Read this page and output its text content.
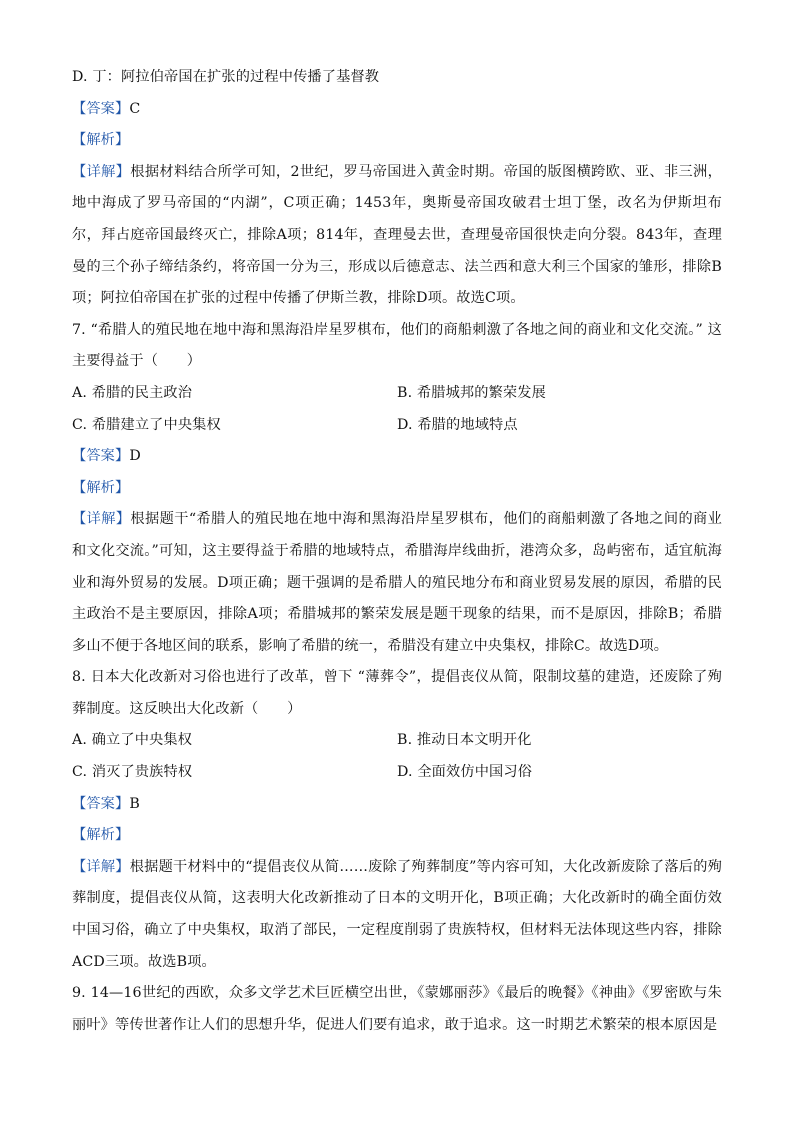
D. 丁：阿拉伯帝国在扩张的过程中传播了基督教

【答案】C

【解析】

【详解】根据材料结合所学可知，2世纪，罗马帝国进入黄金时期。帝国的版图横跨欧、亚、非三洲，地中海成了罗马帝国的“内湖”，C项正确；1453年，奥斯曼帝国攻破君士坦丁堡，改名为伊斯坦布尔，拜占庭帝国最终灭亡，排除A项；814年，查理曼去世，查理曼帝国很快走向分裂。843年，查理曼的三个孙子缔结条约，将帝国一分为三，形成以后德意志、法兰西和意大利三个国家的雏形，排除B项；阿拉伯帝国在扩张的过程中传播了伊斯兰教，排除D项。故选C项。

7. “希腊人的殖民地在地中海和黑海沿岸星罗棋布，他们的商船刺激了各地之间的商业和文化交流。” 这主要得益于（　　）

A. 希腊的民主政治	B. 希腊城邦的繁荣发展
C. 希腊建立了中央集权	D. 希腊的地域特点

【答案】D

【解析】

【详解】根据题干“希腊人的殖民地在地中海和黑海沿岸星罗棋布，他们的商船刺激了各地之间的商业和文化交流。”可知，这主要得益于希腊的地域特点，希腊海岸线曲折，港湾众多，岛屿密布，适宜航海业和海外贸易的发展。D项正确；题干强调的是希腊人的殖民地分布和商业贸易发展的原因，希腊的民主政治不是主要原因，排除A项；希腊城邦的繁荣发展是题干现象的结果，而不是原因，排除B；希腊多山不便于各地区间的联系，影响了希腊的统一，希腊没有建立中央集权，排除C。故选D项。

8. 日本大化改新对习俗也进行了改革，曾下 “薄葬令”，提倡丧仪从简，限制坟墓的建造，还废除了殉葬制度。这反映出大化改新（　　）

A. 确立了中央集权	B. 推动日本文明开化
C. 消灭了贵族特权	D. 全面效仿中国习俗

【答案】B

【解析】

【详解】根据题干材料中的“提倡丧仪从简……废除了殉葬制度”等内容可知，大化改新废除了落后的殉葬制度，提倡丧仪从简，这表明大化改新推动了日本的文明开化，B项正确；大化改新时的确全面仿效中国习俗，确立了中央集权，取消了部民，一定程度削弱了贵族特权，但材料无法体现这些内容，排除ACD三项。故选B项。

9. 14—16世纪的西欧，众多文学艺术巨匠横空出世，《蒙娜丽莎》《最后的晚餐》《神曲》《罗密欧与朱丽叶》等传世著作让人们的思想升华，促进人们要有追求，敢于追求。这一时期艺术繁荣的根本原因是
